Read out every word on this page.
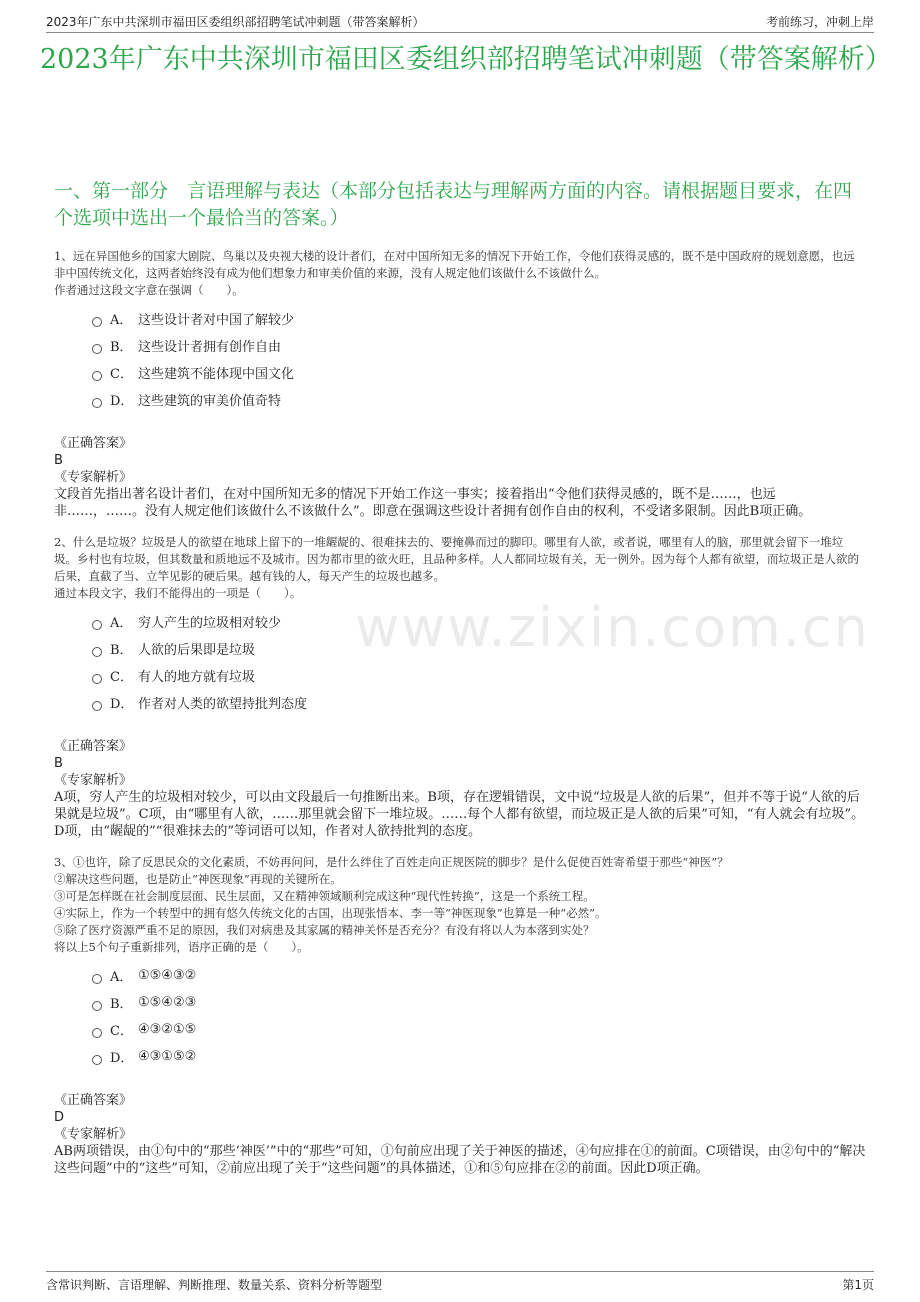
2023年广东中共深圳市福田区委组织部招聘笔试冲刺题（带答案解析）	考前练习，冲刺上岸
2023年广东中共深圳市福田区委组织部招聘笔试冲刺题（带答案解析）
一、第一部分　言语理解与表达（本部分包括表达与理解两方面的内容。请根据题目要求，在四个选项中选出一个最恰当的答案。）
www.zixin.com.cn
1、远在异国他乡的国家大剧院、鸟巢以及央视大楼的设计者们，在对中国所知无多的情况下开始工作，令他们获得灵感的，既不是中国政府的规划意愿，也远非中国传统文化，这两者始终没有成为他们想象力和审美价值的来源，没有人规定他们该做什么不该做什么。
作者通过这段文字意在强调（　　）。
A． 这些设计者对中国了解较少
B． 这些设计者拥有创作自由
C． 这些建筑不能体现中国文化
D． 这些建筑的审美价值奇特
《正确答案》
B
《专家解析》
文段首先指出著名设计者们，在对中国所知无多的情况下开始工作这一事实；接着指出“令他们获得灵感的，既不是……，也远非……，……。没有人规定他们该做什么不该做什么”。即意在强调这些设计者拥有创作自由的权利，不受诸多限制。因此B项正确。
2、什么是垃圾？垃圾是人的欲望在地球上留下的一堆龌龊的、很难抹去的、要掩鼻而过的脚印。哪里有人欲，或者说，哪里有人的脑，那里就会留下一堆垃圾。乡村也有垃圾，但其数量和质地远不及城市。因为都市里的欲火旺，且品种多样。人人都同垃圾有关，无一例外。因为每个人都有欲望，而垃圾正是人欲的后果，直截了当、立竿见影的硬后果。越有钱的人，每天产生的垃圾也越多。
通过本段文字，我们不能得出的一项是（　　）。
A． 穷人产生的垃圾相对较少
B． 人欲的后果即是垃圾
C． 有人的地方就有垃圾
D． 作者对人类的欲望持批判态度
《正确答案》
B
《专家解析》
A项，穷人产生的垃圾相对较少，可以由文段最后一句推断出来。B项，存在逻辑错误，文中说“垃圾是人欲的后果”，但并不等于说“人欲的后果就是垃圾”。C项，由“哪里有人欲，……那里就会留下一堆垃圾。……每个人都有欲望，而垃圾正是人欲的后果”可知，“有人就会有垃圾”。D项，由“龌龊的”“很难抹去的”等词语可以知，作者对人欲持批判的态度。
3、①也许，除了反思民众的文化素质，不妨再问问，是什么绊住了百姓走向正规医院的脚步？是什么促使百姓寄希望于那些“神医”？
②解决这些问题，也是防止“神医现象”再现的关键所在。
③可是怎样既在社会制度层面、民生层面，又在精神领域顺利完成这种“现代性转换”，这是一个系统工程。
④实际上，作为一个转型中的拥有悠久传统文化的古国，出现张悟本、李一等“神医现象”也算是一种“必然”。
⑤除了医疗资源严重不足的原因，我们对病患及其家属的精神关怀是否充分？有没有将以人为本落到实处？
将以上5个句子重新排列，语序正确的是（　　）。
A． ①⑤④③②
B． ①⑤④②③
C． ④③②①⑤
D． ④③①⑤②
《正确答案》
D
《专家解析》
AB两项错误，由①句中的“那些‘神医’”中的“那些”可知，①句前应出现了关于神医的描述，④句应排在①的前面。C项错误，由②句中的“解决这些问题”中的“这些”可知，②前应出现了关于“这些问题”的具体描述，①和⑤句应排在②的前面。因此D项正确。
含常识判断、言语理解、判断推理、数量关系、资料分析等题型	第1页
